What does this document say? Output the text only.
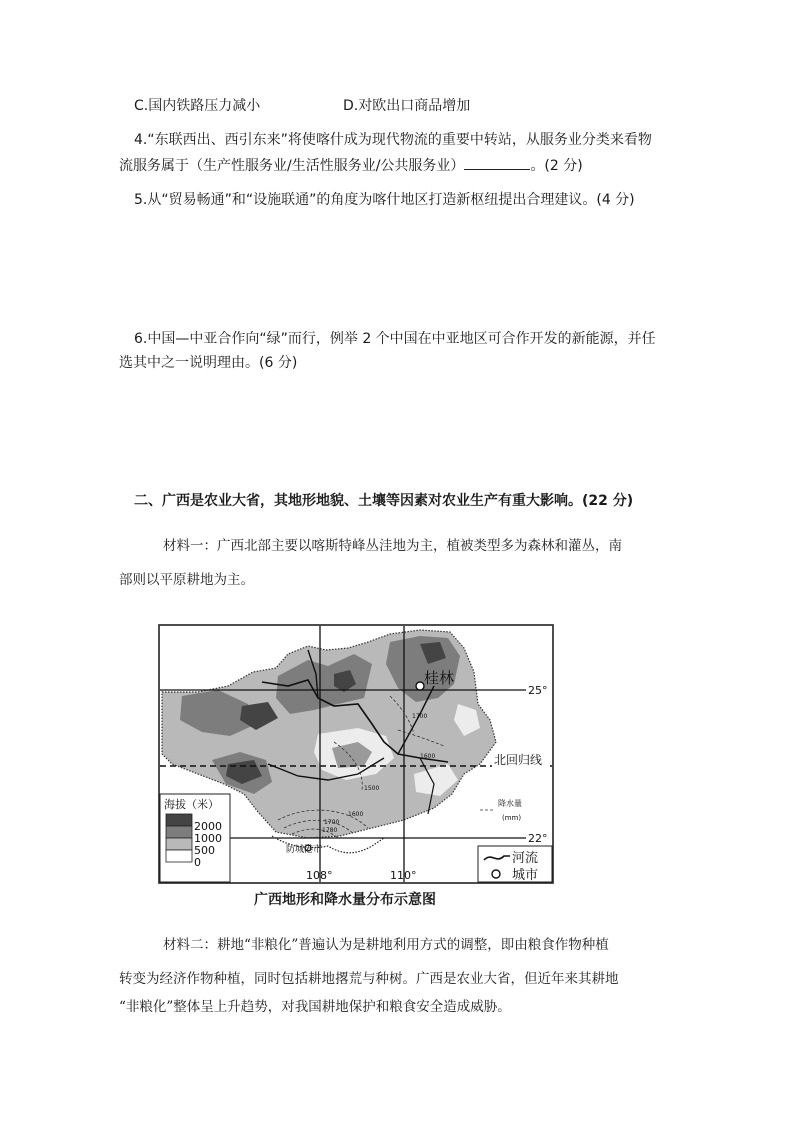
C.国内铁路压力减小	D.对欧出口商品增加
4.“东联西出、西引东来”将使喀什成为现代物流的重要中转站，从服务业分类来看物
流服务属于（生产性服务业/生活性服务业/公共服务业）	。(2 分)
5.从“贸易畅通”和“设施联通”的角度为喀什地区打造新枢纽提出合理建议。(4 分)
6.中国—中亚合作向“绿”而行，例举 2 个中国在中亚地区可合作开发的新能源，并任
选其中之一说明理由。(6 分)
二、广西是农业大省，其地形地貌、土壤等因素对农业生产有重大影响。(22 分)
材料一：广西北部主要以喀斯特峰丛洼地为主，植被类型多为森林和灌丛，南
部则以平原耕地为主。
1700
1600
1500
1600
1700
1780
桂林
防城港市
25°
22°
108°	110°
北回归线
降水量
(mm)
海拔（米）
2000
1000
500
0	河流
城市
广西地形和降水量分布示意图
材料二：耕地“非粮化”普遍认为是耕地利用方式的调整，即由粮食作物种植
转变为经济作物种植，同时包括耕地撂荒与种树。广西是农业大省，但近年来其耕地
“非粮化”整体呈上升趋势，对我国耕地保护和粮食安全造成威胁。
